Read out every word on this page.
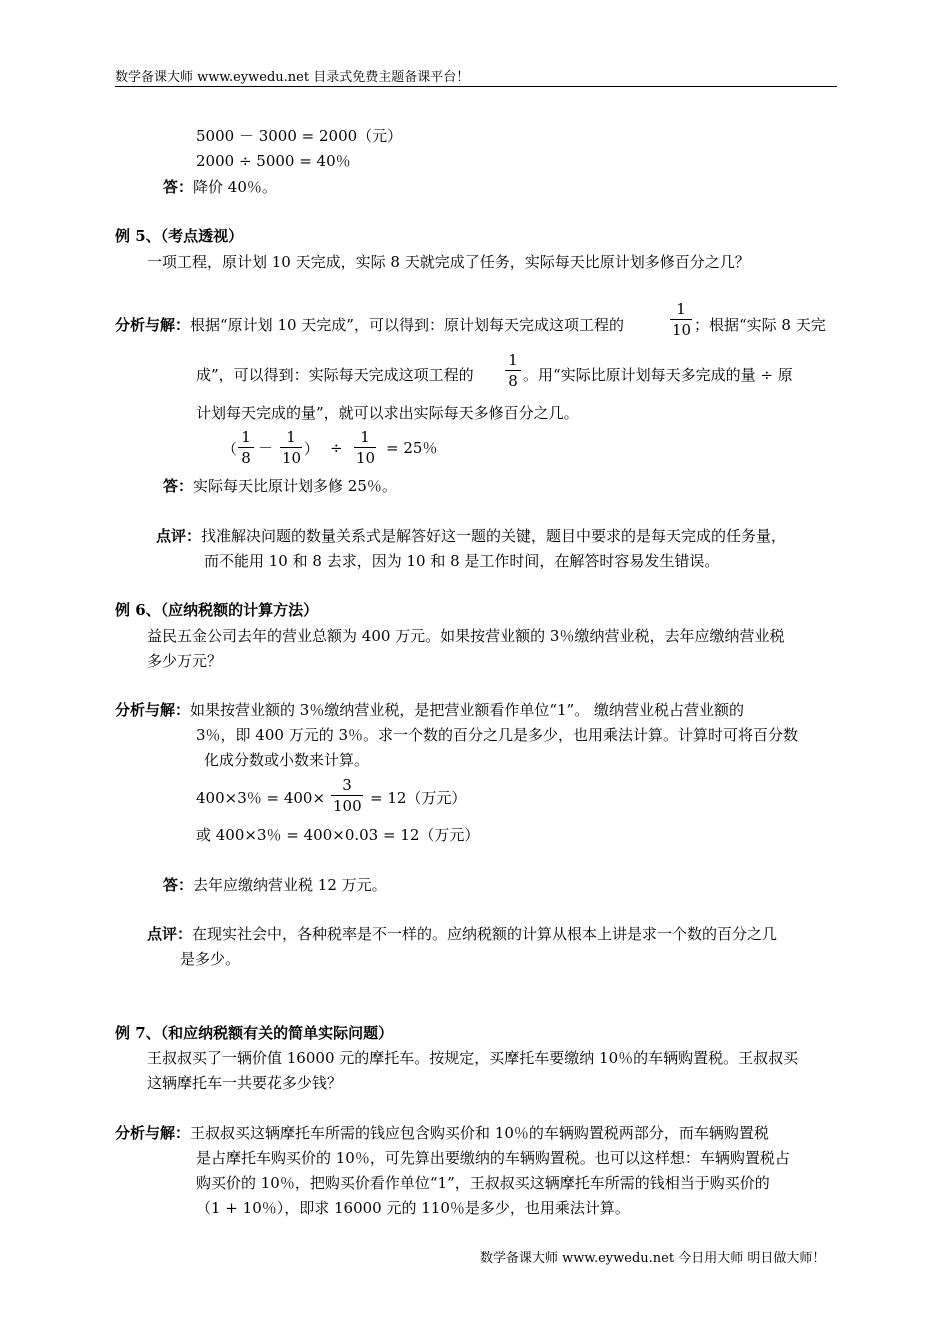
数学备课大师 www.eywedu.net 目录式免费主题备课平台！
5000 － 3000 = 2000（元）
2000 ÷ 5000 = 40％
答：降价 40％。
例 5、（考点透视）
一项工程，原计划 10 天完成，实际 8 天就完成了任务，实际每天比原计划多修百分之几？
分析与解：根据“原计划 10 天完成”，可以得到：原计划每天完成这项工程的
1
10 ；根据“实际 8 天完
成”，可以得到：实际每天完成这项工程的
1
8 。用“实际比原计划每天多完成的量 ÷ 原
计划每天完成的量”，就可以求出实际每天多修百分之几。
（
1
8
－
1
10 ） ÷
1
10
= 25％
答：实际每天比原计划多修 25％。
点评：找准解决问题的数量关系式是解答好这一题的关键，题目中要求的是每天完成的任务量，
而不能用 10 和 8 去求，因为 10 和 8 是工作时间，在解答时容易发生错误。
例 6、（应纳税额的计算方法）
益民五金公司去年的营业总额为 400 万元。如果按营业额的 3％缴纳营业税，去年应缴纳营业税
多少万元？
分析与解：如果按营业额的 3％缴纳营业税，是把营业额看作单位“1”。 缴纳营业税占营业额的
3％，即 400 万元的 3％。求一个数的百分之几是多少，也用乘法计算。计算时可将百分数
化成分数或小数来计算。
400×3％ = 400×
3
100 = 12（万元）
或 400×3％ = 400×0.03 = 12（万元）
答：去年应缴纳营业税 12 万元。
点评：在现实社会中，各种税率是不一样的。应纳税额的计算从根本上讲是求一个数的百分之几
是多少。
例 7、（和应纳税额有关的简单实际问题）
王叔叔买了一辆价值 16000 元的摩托车。按规定，买摩托车要缴纳 10％的车辆购置税。王叔叔买
这辆摩托车一共要花多少钱？
分析与解：王叔叔买这辆摩托车所需的钱应包含购买价和 10％的车辆购置税两部分，而车辆购置税
是占摩托车购买价的 10％，可先算出要缴纳的车辆购置税。也可以这样想：车辆购置税占
购买价的 10％，把购买价看作单位“1”，王叔叔买这辆摩托车所需的钱相当于购买价的
（1 + 10％），即求 16000 元的 110％是多少，也用乘法计算。
数学备课大师 www.eywedu.net 今日用大师 明日做大师！
